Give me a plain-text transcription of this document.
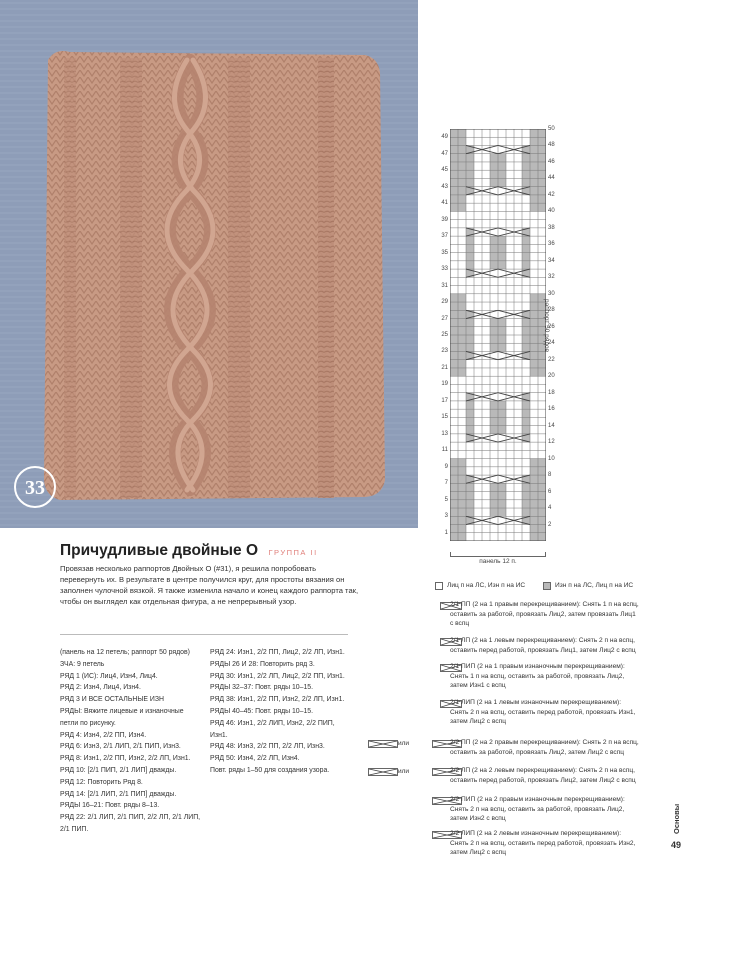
33
Причудливые двойные О ГРУППА II
Провязав несколько раппортов Двойных О (#31), я решила попробовать перевернуть их. В результате в центре получился круг, для простоты вязания он заполнен чулочной вязкой. Я также изменила начало и конец каждого раппорта так, чтобы он выглядел как отдельная фигура, а не непрерывный узор.

(панель на 12 петель; раппорт 50 рядов)

ЗЧА: 9 петель

РЯД 1 (ИС): Лиц4, Изн4, Лиц4.

РЯД 2: Изн4, Лиц4, Изн4.

РЯД 3 И ВСЕ ОСТАЛЬНЫЕ ИЗН

РЯДЫ: Вяжите лицевые и изнаночные петли по рисунку.

РЯД 4: Изн4, 2/2 ПП, Изн4.

РЯД 6: Изн3, 2/1 ЛИП, 2/1 ПИП, Изн3.

РЯД 8: Изн1, 2/2 ПП, Изн2, 2/2 ЛП, Изн1.

РЯД 10: [2/1 ПИП, 2/1 ЛИП] дважды.

РЯД 12: Повторить Ряд 8.

РЯД 14: [2/1 ЛИП, 2/1 ПИП] дважды.

РЯДЫ 16–21: Повт. ряды 8–13.

РЯД 22: 2/1 ЛИП, 2/1 ПИП, 2/2 ЛП, 2/1 ЛИП, 2/1 ПИП.

РЯД 24: Изн1, 2/2 ПП, Лиц2, 2/2 ЛП, Изн1.

РЯДЫ 26 И 28: Повторить ряд 3.

РЯД 30: Изн1, 2/2 ЛП, Лиц2, 2/2 ПП, Изн1.

РЯДЫ 32–37: Повт. ряды 10–15.

РЯД 38: Изн1, 2/2 ПП, Изн2, 2/2 ЛП, Изн1.

РЯДЫ 40–45: Повт. ряды 10–15.

РЯД 46: Изн1, 2/2 ЛИП, Изн2, 2/2 ПИП, Изн1.

РЯД 48: Изн3, 2/2 ПП, 2/2 ЛП, Изн3.

РЯД 50: Изн4, 2/2 ЛП, Изн4.

Повт. ряды 1–50 для создания узора.

49
47
45
43
41
39
37
35
33
31
29
27
25
23
21
19
17
15
13
11
9
7
5
3
1
50
48
46
44
42
40
38
36
34
32
30
28
26
24
22
20
18
16
14
12
10
8
6
4
2
раппорт 50 рядов
панель 12 п.
Лиц п на ЛС, Изн п на ИС	Изн п на ЛС, Лиц п на ИС
2/1 ПП (2 на 1 правым перекрещиванием): Снять 1 п на вспц, оставить за работой, провязать Лиц2, затем провязать Лиц1 с вспц
2/1 ЛП (2 на 1 левым перекрещиванием): Снять 2 п на вспц, оставить перед работой, провязать Лиц1, затем Лиц2 с вспц
2/1 ПИП (2 на 1 правым изнаночным перекрещиванием): Снять 1 п на вспц, оставить за работой, провязать Лиц2, затем Изн1 с вспц
2/1 ЛИП (2 на 1 левым изнаночным перекрещиванием): Снять 2 п на вспц, оставить перед работой, провязать Изн1, затем Лиц2 с вспц
или	2/2 ПП (2 на 2 правым перекрещиванием): Снять 2 п на вспц, оставить за работой, провязать Лиц2, затем Лиц2 с вспц
или	2/2 ЛП (2 на 2 левым перекрещиванием): Снять 2 п на вспц, оставить перед работой, провязать Лиц2, затем Лиц2 с вспц
2/2 ПИП (2 на 2 правым изнаночным перекрещиванием): Снять 2 п на вспц, оставить за работой, провязать Лиц2, затем Изн2 с вспц
2/2 ЛИП (2 на 2 левым изнаночным перекрещиванием): Снять 2 п на вспц, оставить перед работой, провязать Изн2, затем Лиц2 с вспц
Основы
49
